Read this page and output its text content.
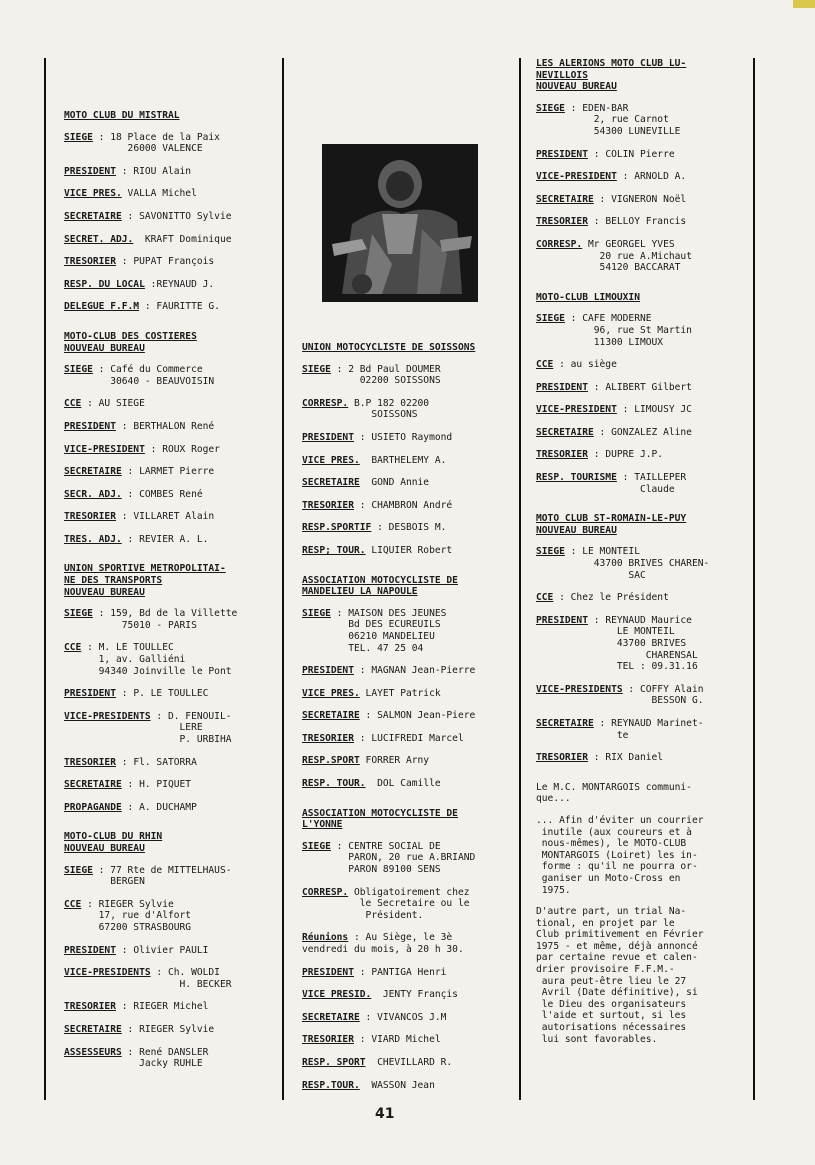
MOTO CLUB DU MISTRAL
SIEGE : 18 Place de la Paix
26000 VALENCE
PRESIDENT : RIOU Alain
VICE PRES.
VALLA Michel
SECRETAIRE : SAVONITTO Sylvie
SECRET. ADJ.
KRAFT Dominique
TRESORIER : PUPAT François
RESP. DU LOCAL : REYNAUD J.
DELEGUE F.F.M : FAURITTE G.
MOTO-CLUB DES COSTIERES
NOUVEAU BUREAU
SIEGE : Café du Commerce
30640 - BEAUVOISIN
CCE : AU SIEGE
PRESIDENT : BERTHALON René
VICE-PRESIDENT : ROUX Roger
SECRETAIRE : LARMET Pierre
SECR. ADJ. : COMBES René
TRESORIER : VILLARET Alain
TRES. ADJ. : REVIER A. L.
UNION SPORTIVE METROPOLITAI-
NE DES TRANSPORTS
NOUVEAU BUREAU
SIEGE : 159, Bd de la Villette
75010 - PARIS
CCE : M. LE TOULLEC
1, av. Galliéni
94340 Joinville le Pont
PRESIDENT : P. LE TOULLEC
VICE-PRESIDENTS : D. FENOUIL-
LERE
P. URBIHA
TRESORIER : Fl. SATORRA
SECRETAIRE : H. PIQUET
PROPAGANDE : A. DUCHAMP
MOTO-CLUB DU RHIN
NOUVEAU BUREAU
SIEGE : 77 Rte de MITTELHAUS-
BERGEN
CCE : RIEGER Sylvie
17, rue d'Alfort
67200 STRASBOURG
PRESIDENT : Olivier PAULI
VICE-PRESIDENTS : Ch. WOLDI
H. BECKER
TRESORIER : RIEGER Michel
SECRETAIRE : RIEGER Sylvie
ASSESSEURS : René DANSLER
Jacky RUHLE
UNION MOTOCYCLISTE DE SOISSONS
SIEGE : 2 Bd Paul DOUMER
02200 SOISSONS
CORRESP.
B.P 182 02200
SOISSONS
PRESIDENT : USIETO Raymond
VICE PRES.
BARTHELEMY A.
SECRETAIRE
GOND Annie
TRESORIER : CHAMBRON André
RESP.SPORTIF : DESBOIS M.
RESP; TOUR.
LIQUIER Robert
ASSOCIATION MOTOCYCLISTE DE
MANDELIEU LA NAPOULE
SIEGE : MAISON DES JEUNES
Bd DES ECUREUILS
06210 MANDELIEU
TEL. 47 25 04
PRESIDENT : MAGNAN Jean-Pierre
VICE PRES.
LAYET Patrick
SECRETAIRE : SALMON Jean-Piere
TRESORIER : LUCIFREDI Marcel
RESP.SPORT
FORRER Arny
RESP. TOUR.
DOL Camille
ASSOCIATION MOTOCYCLISTE DE
L'YONNE
SIEGE : CENTRE SOCIAL DE
PARON, 20 rue A.BRIAND
PARON 89100 SENS
CORRESP.
Obligatoirement chez
le Secretaire ou le
Président.
Réunions : Au Siège, le 3è
vendredi du mois, à 20 h 30.
PRESIDENT : PANTIGA Henri
VICE PRESID.
JENTY Françis
SECRETAIRE : VIVANCOS J.M
TRESORIER : VIARD Michel
RESP. SPORT
CHEVILLARD R.
RESP.TOUR.
WASSON Jean
LES ALERIONS MOTO CLUB LU-
NEVILLOIS
NOUVEAU BUREAU
SIEGE : EDEN-BAR
2, rue Carnot
54300 LUNEVILLE
PRESIDENT : COLIN Pierre
VICE-PRESIDENT : ARNOLD A.
SECRETAIRE : VIGNERON Noël
TRESORIER : BELLOY Francis
CORRESP.
Mr GEORGEL YVES
20 rue A.Michaut
54120 BACCARAT
MOTO-CLUB LIMOUXIN
SIEGE : CAFE MODERNE
96, rue St Martin
11300 LIMOUX
CCE : au siège
PRESIDENT : ALIBERT Gilbert
VICE-PRESIDENT : LIMOUSY JC
SECRETAIRE : GONZALEZ Aline
TRESORIER : DUPRE J.P.
RESP. TOURISME : TAILLEPER
Claude
MOTO CLUB ST-ROMAIN-LE-PUY
NOUVEAU BUREAU
SIEGE : LE MONTEIL
43700 BRIVES CHAREN-
SAC
CCE : Chez le Président
PRESIDENT : REYNAUD Maurice
LE MONTEIL
43700 BRIVES
CHARENSAL
TEL : 09.31.16
VICE-PRESIDENTS : COFFY Alain
BESSON G.
SECRETAIRE : REYNAUD Marinet-
te
TRESORIER : RIX Daniel
Le M.C. MONTARGOIS communi-
que...
... Afin d'éviter un courrier
inutile (aux coureurs et à
nous-mêmes), le MOTO-CLUB
MONTARGOIS (Loiret) les in-
forme : qu'il ne pourra or-
ganiser un Moto-Cross en
1975.
D'autre part, un trial Na-
tional, en projet par le
Club primitivement en Février
1975 - et même, déjà annoncé
par certaine revue et calen-
drier provisoire F.F.M.-
aura peut-être lieu le 27
Avril (Date définitive), si
le Dieu des organisateurs
l'aide et surtout, si les
autorisations nécessaires
lui sont favorables.
41
